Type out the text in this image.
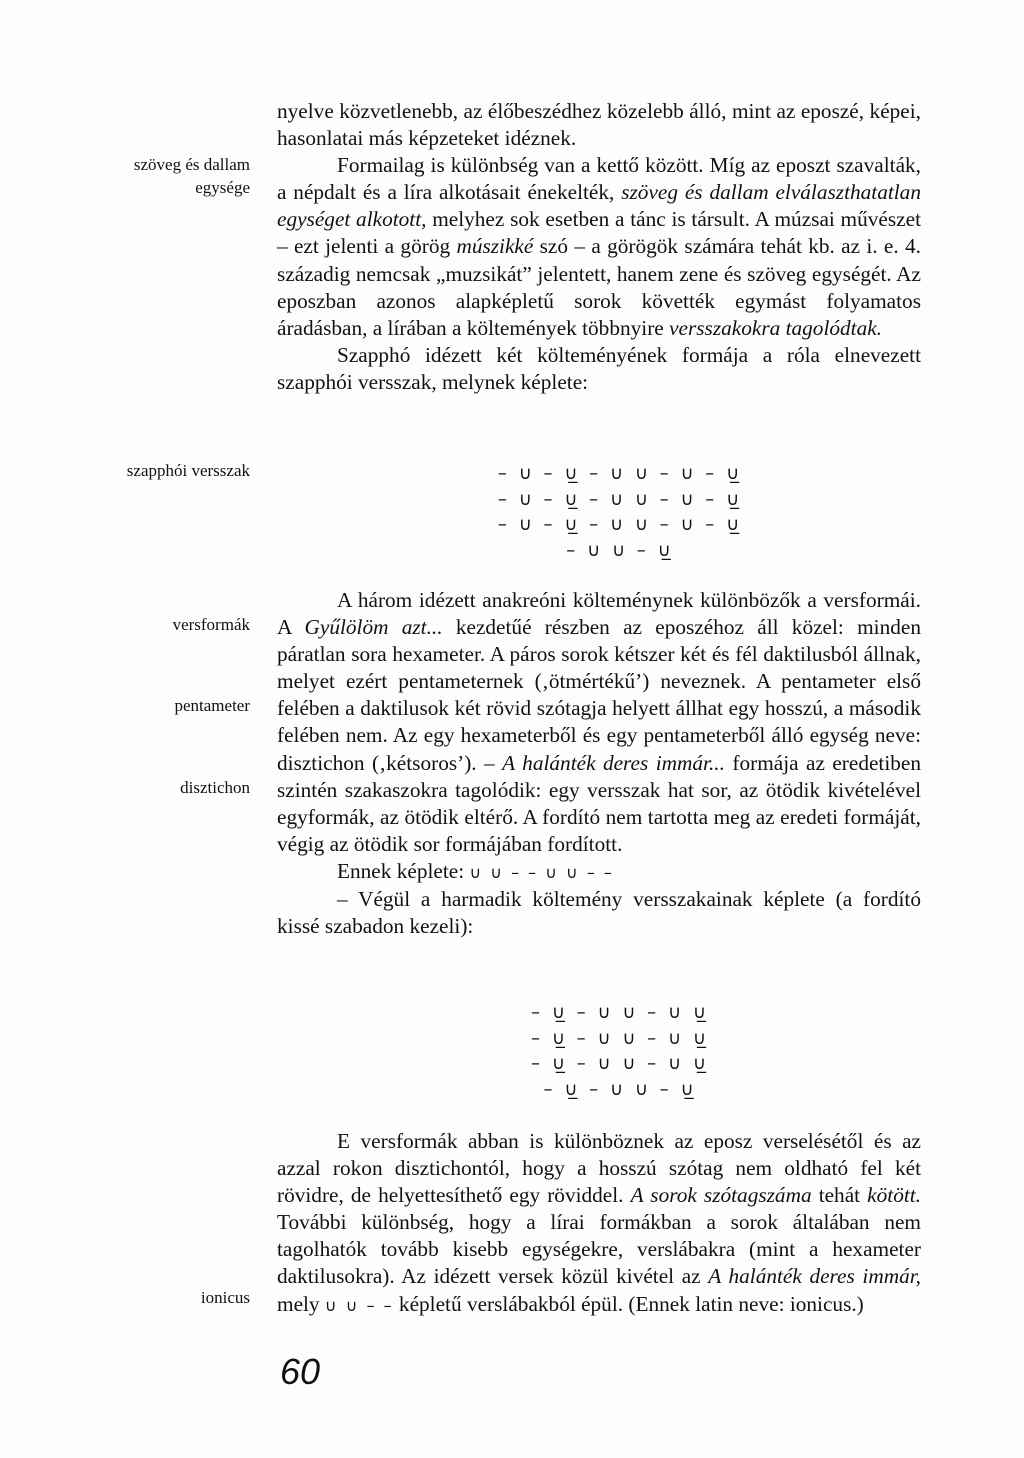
szöveg és dallam
egysége
szapphói versszak
versformák
pentameter
disztichon
ionicus

nyelve közvetlenebb, az élőbeszédhez közelebb álló, mint az eposzé, képei, hasonlatai más képzeteket idéznek.

Formailag is különbség van a kettő között. Míg az eposzt szavalták, a népdalt és a líra alkotásait énekelték, szöveg és dallam elválaszthatatlan egységet alkotott, melyhez sok esetben a tánc is társult. A múzsai művészet – ezt jelenti a görög múszikké szó – a görögök számára tehát kb. az i. e. 4. századig nemcsak „muzsikát” jelentett, hanem zene és szöveg egységét. Az eposzban azonos alapképletű sorok követték egymást folyamatos áradásban, a lírában a költemények többnyire versszakokra tagolódtak.

Szapphó idézett két költeményének formája a róla elnevezett szapphói versszak, melynek képlete:

– ∪ – ∪̲ – ∪ ∪ – ∪ – ∪̲
– ∪ – ∪̲ – ∪ ∪ – ∪ – ∪̲
– ∪ – ∪̲ – ∪ ∪ – ∪ – ∪̲
– ∪ ∪ – ∪̲

A három idézett anakreóni költeménynek különbözők a versformái. A Gyűlölöm azt... kezdetűé részben az eposzéhoz áll közel: minden páratlan sora hexameter. A páros sorok kétszer két és fél daktilusból állnak, melyet ezért pentameternek (‚ötmértékű’) neveznek. A pentameter első felében a daktilusok két rövid szótagja helyett állhat egy hosszú, a második felében nem. Az egy hexameterből és egy pentameterből álló egység neve: disztichon (‚kétsoros’). – A halánték deres immár... formája az eredetiben szintén szakaszokra tagolódik: egy versszak hat sor, az ötödik kivételével egyformák, az ötödik eltérő. A fordító nem tartotta meg az eredeti formáját, végig az ötödik sor formájában fordított.

Ennek képlete: ∪ ∪ – – ∪ ∪ – –

– Végül a harmadik költemény versszakainak képlete (a fordító kissé szabadon kezeli):

– ∪̲ – ∪ ∪ – ∪ ∪̲
– ∪̲ – ∪ ∪ – ∪ ∪̲
– ∪̲ – ∪ ∪ – ∪ ∪̲
– ∪̲ – ∪ ∪ – ∪̲

E versformák abban is különböznek az eposz verselésétől és az azzal rokon disztichontól, hogy a hosszú szótag nem oldható fel két rövidre, de helyettesíthető egy röviddel. A sorok szótagszáma tehát kötött. További különbség, hogy a lírai formákban a sorok általában nem tagolhatók tovább kisebb egységekre, verslábakra (mint a hexameter daktilusokra). Az idézett versek közül kivétel az A halánték deres immár, mely ∪ ∪ – – képletű verslábakból épül. (Ennek latin neve: ionicus.)

60
